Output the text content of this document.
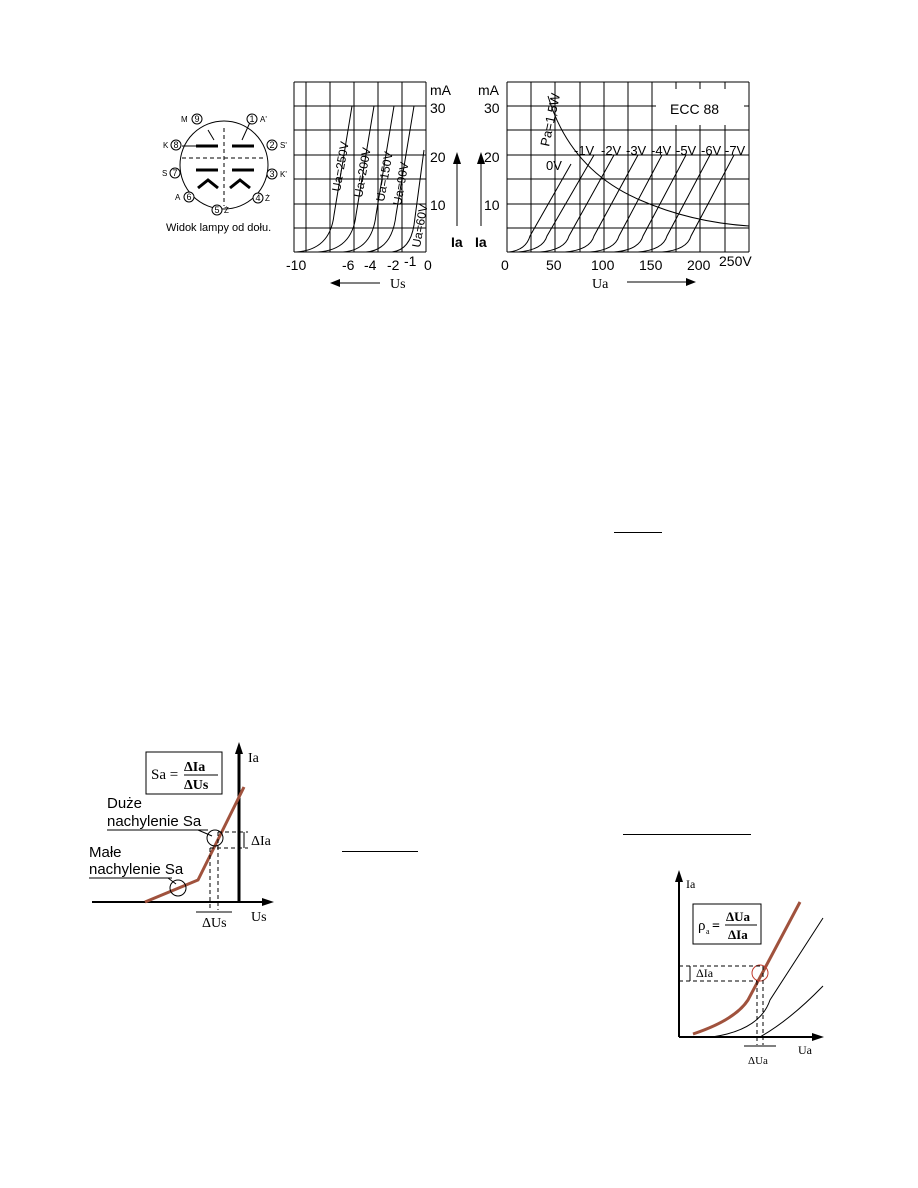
9	1
2
3
4
5
6
7
8
M	A'
S'
K'
Ż
Ż
A
S
K
Widok lampy od dołu.
Ua=250V Ua=200V Ua=150V
Ua=90V
Ua=60V
mA
30
20
10
-10	-6 -4 -2 -1 0
Us
Ia Ia
mA
30
20
10
ECC 88
0	50 100 150 200 250V
0V
-1V -2V -3V -4V -5V -6V -7V
Pa=1,5W
Ua
Ia
Us
ΔIa
ΔUs
Sa = ΔIa
ΔUs
Duże
nachylenie Sa
Małe
nachylenie Sa
Ia
Ua
ΔIa
ΔUa
ρ a =
ΔUa
ΔIa
